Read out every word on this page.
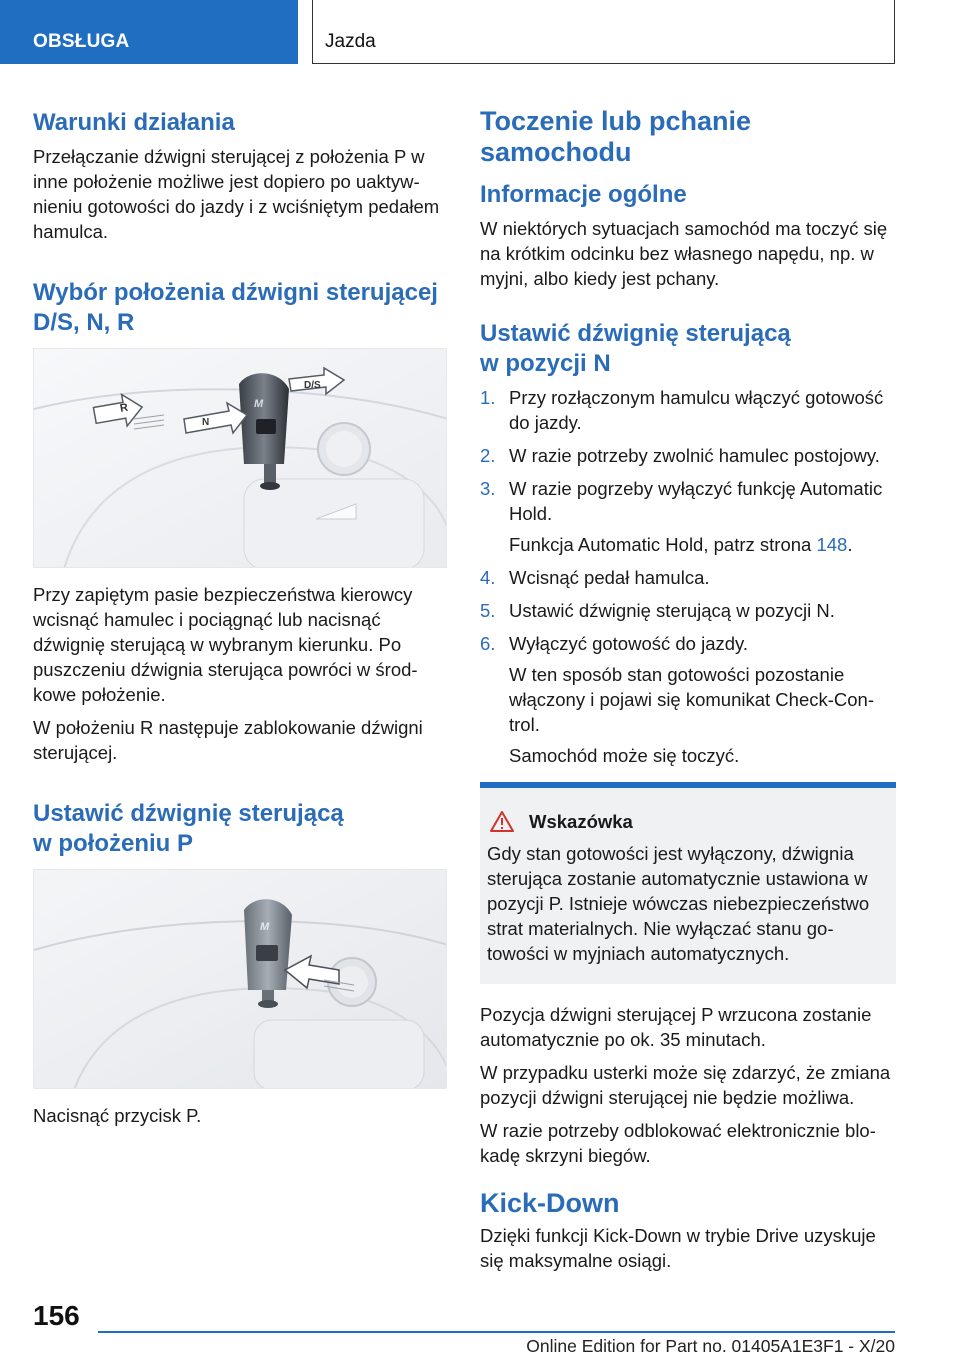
OBSŁUGA	Jazda
Warunki działania

Przełączanie dźwigni sterującej z położenia P w inne położenie możliwe jest dopiero po uaktywnieniu gotowości do jazdy i z wciśniętym pedałem hamulca.

Wybór położenia dźwigni sterującej D/S, N, R
M
R
N
D/S

Przy zapiętym pasie bezpieczeństwa kierowcy wcisnąć hamulec i pociągnąć lub nacisnąć dźwignię sterującą w wybranym kierunku. Po puszczeniu dźwignia sterująca powróci w środkowe położenie.

W położeniu R następuje zablokowanie dźwigni sterującej.

Ustawić dźwignię sterującą
w położeniu P
M

Nacisnąć przycisk P.

Toczenie lub pchanie
samochodu
Informacje ogólne

W niektórych sytuacjach samochód ma toczyć się na krótkim odcinku bez własnego napędu, np. w myjni, albo kiedy jest pchany.

Ustawić dźwignię sterującą
w pozycji N
1. Przy rozłączonym hamulcu włączyć gotowość do jazdy.
2. W razie potrzeby zwolnić hamulec postojowy.
3. W razie pogrzeby wyłączyć funkcję Automatic Hold.
Funkcja Automatic Hold, patrz strona 148.
4. Wcisnąć pedał hamulca.
5. Ustawić dźwignię sterującą w pozycji N.
6. Wyłączyć gotowość do jazdy.
W ten sposób stan gotowości pozostanie włączony i pojawi się komunikat Check-Control.
Samochód może się toczyć.
Wskazówka

Gdy stan gotowości jest wyłączony, dźwignia sterująca zostanie automatycznie ustawiona w pozycji P. Istnieje wówczas niebezpieczeństwo strat materialnych. Nie wyłączać stanu gotowości w myjniach automatycznych.

Pozycja dźwigni sterującej P wrzucona zostanie automatycznie po ok. 35 minutach.

W przypadku usterki może się zdarzyć, że zmiana pozycji dźwigni sterującej nie będzie możliwa.

W razie potrzeby odblokować elektronicznie blokadę skrzyni biegów.

Kick-Down

Dzięki funkcji Kick-Down w trybie Drive uzyskuje się maksymalne osiągi.

156
Online Edition for Part no. 01405A1E3F1 - X/20
